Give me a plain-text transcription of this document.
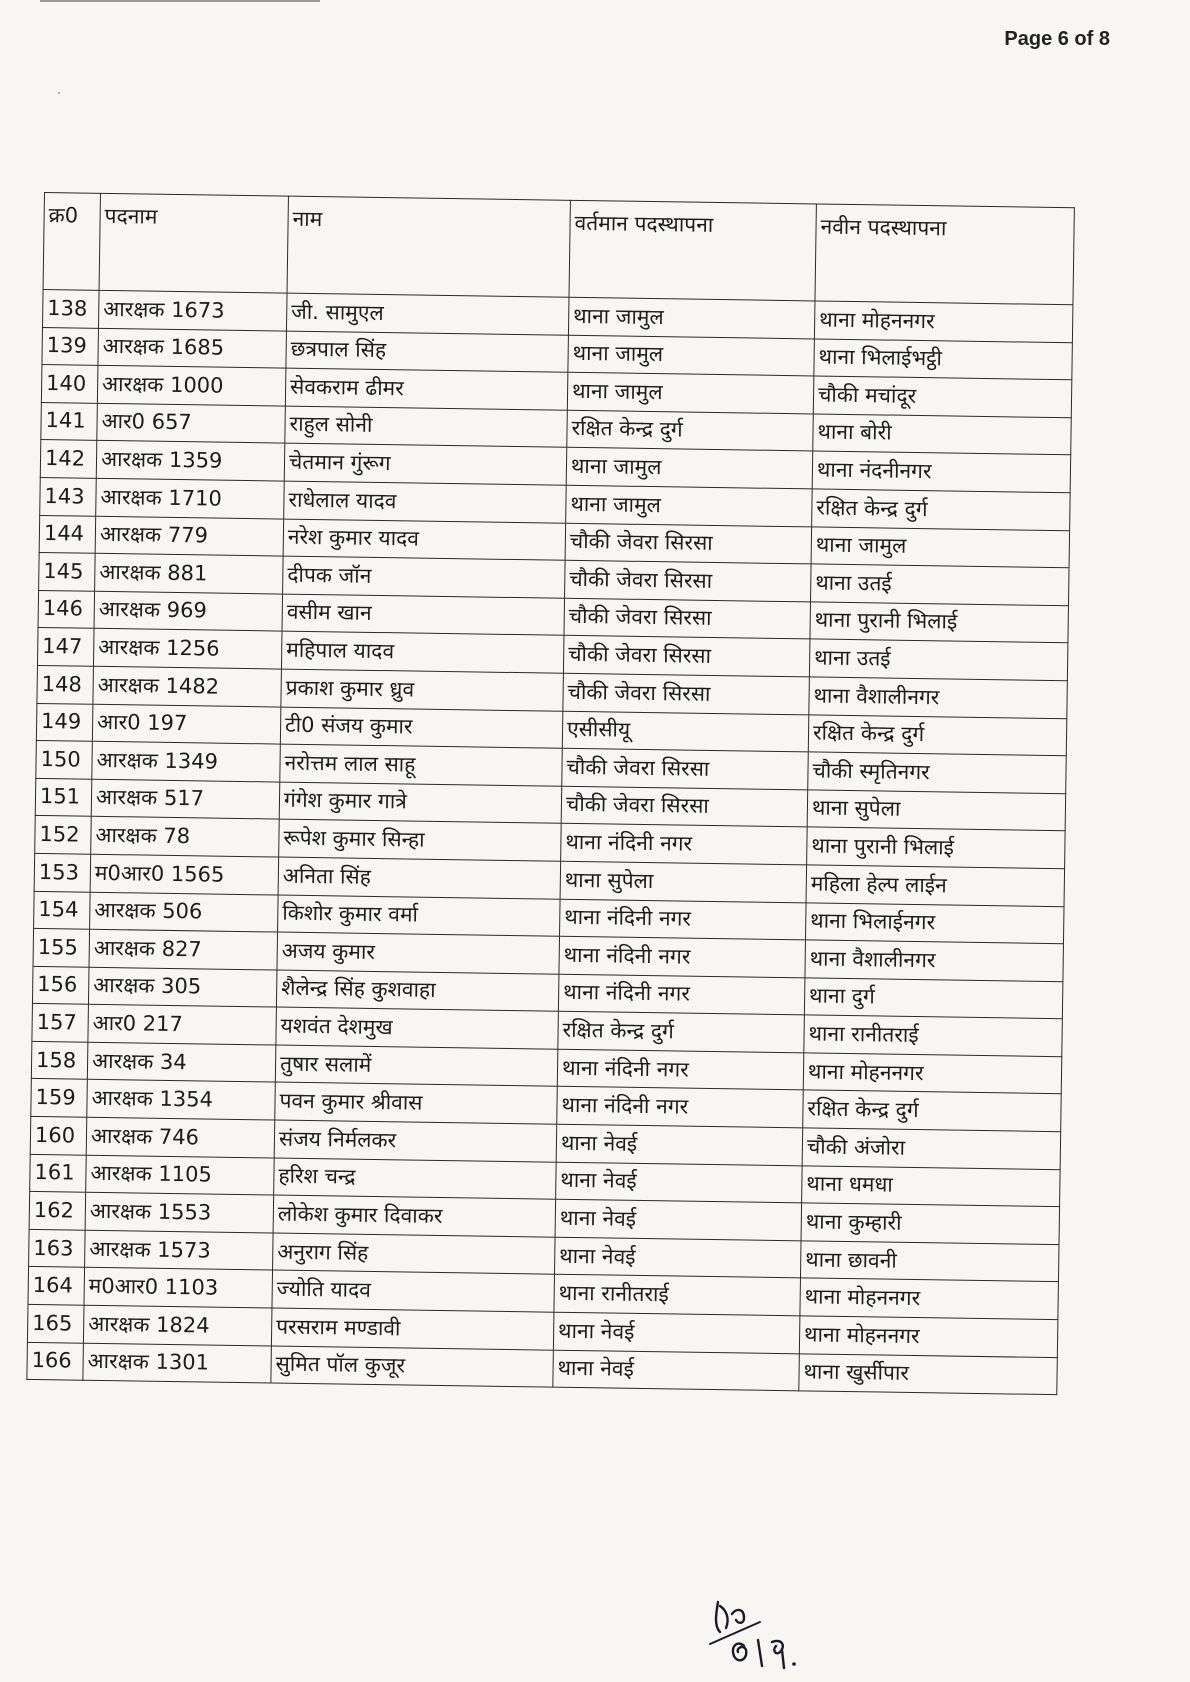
Page 6 of 8
क्र0	पदनाम	नाम	वर्तमान पदस्थापना	नवीन पदस्थापना
138	आरक्षक 1673	जी. सामुएल	थाना जामुल	थाना मोहननगर
139	आरक्षक 1685	छत्रपाल सिंह	थाना जामुल	थाना भिलाईभट्ठी
140	आरक्षक 1000	सेवकराम ढीमर	थाना जामुल	चौकी मचांदूर
141	आर0 657	राहुल सोनी	रक्षित केन्द्र दुर्ग	थाना बोरी
142	आरक्षक 1359	चेतमान गुंरूग	थाना जामुल	थाना नंदनीनगर
143	आरक्षक 1710	राधेलाल यादव	थाना जामुल	रक्षित केन्द्र दुर्ग
144	आरक्षक 779	नरेश कुमार यादव	चौकी जेवरा सिरसा	थाना जामुल
145	आरक्षक 881	दीपक जॉन	चौकी जेवरा सिरसा	थाना उतई
146	आरक्षक 969	वसीम खान	चौकी जेवरा सिरसा	थाना पुरानी भिलाई
147	आरक्षक 1256	महिपाल यादव	चौकी जेवरा सिरसा	थाना उतई
148	आरक्षक 1482	प्रकाश कुमार ध्रुव	चौकी जेवरा सिरसा	थाना वैशालीनगर
149	आर0 197	टी0 संजय कुमार	एसीसीयू	रक्षित केन्द्र दुर्ग
150	आरक्षक 1349	नरोत्तम लाल साहू	चौकी जेवरा सिरसा	चौकी स्मृतिनगर
151	आरक्षक 517	गंगेश कुमार गात्रे	चौकी जेवरा सिरसा	थाना सुपेला
152	आरक्षक 78	रूपेश कुमार सिन्हा	थाना नंदिनी नगर	थाना पुरानी भिलाई
153	म0आर0 1565	अनिता सिंह	थाना सुपेला	महिला हेल्प लाईन
154	आरक्षक 506	किशोर कुमार वर्मा	थाना नंदिनी नगर	थाना भिलाईनगर
155	आरक्षक 827	अजय कुमार	थाना नंदिनी नगर	थाना वैशालीनगर
156	आरक्षक 305	शैलेन्द्र सिंह कुशवाहा	थाना नंदिनी नगर	थाना दुर्ग
157	आर0 217	यशवंत देशमुख	रक्षित केन्द्र दुर्ग	थाना रानीतराई
158	आरक्षक 34	तुषार सलामें	थाना नंदिनी नगर	थाना मोहननगर
159	आरक्षक 1354	पवन कुमार श्रीवास	थाना नंदिनी नगर	रक्षित केन्द्र दुर्ग
160	आरक्षक 746	संजय निर्मलकर	थाना नेवई	चौकी अंजोरा
161	आरक्षक 1105	हरिश चन्द्र	थाना नेवई	थाना धमधा
162	आरक्षक 1553	लोकेश कुमार दिवाकर	थाना नेवई	थाना कुम्हारी
163	आरक्षक 1573	अनुराग सिंह	थाना नेवई	थाना छावनी
164	म0आर0 1103	ज्योति यादव	थाना रानीतराई	थाना मोहननगर
165	आरक्षक 1824	परसराम मण्डावी	थाना नेवई	थाना मोहननगर
166	आरक्षक 1301	सुमित पॉल कुजूर	थाना नेवई	थाना खुर्सीपार
